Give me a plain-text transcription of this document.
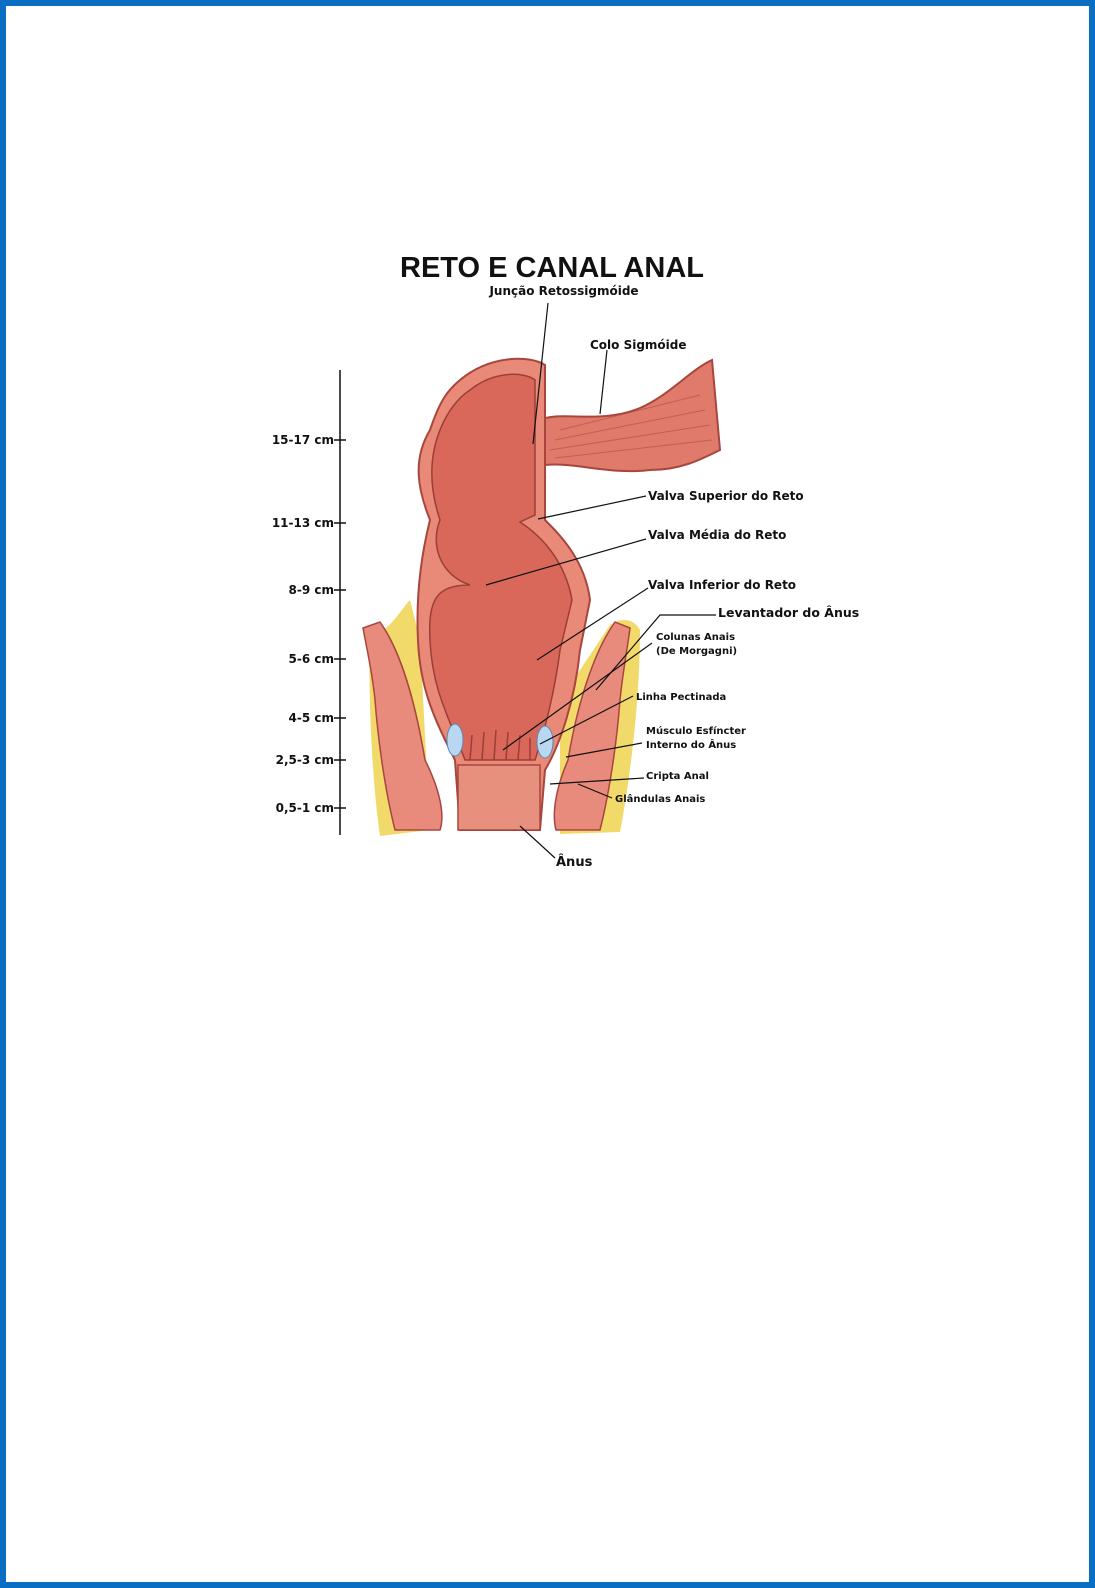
RETO E CANAL ANAL
15-17 cm
11-13 cm
8-9 cm
5-6 cm
4-5 cm
2,5-3 cm
0,5-1 cm
Junção Retossigmóide
Colo Sigmóide
Valva Superior do Reto
Valva Média do Reto
Valva Inferior do Reto
Levantador do Ânus
Colunas Anais
(De Morgagni)
Linha Pectinada
Músculo Esfíncter
Interno do Ânus
Cripta Anal
Glândulas Anais
Ânus
